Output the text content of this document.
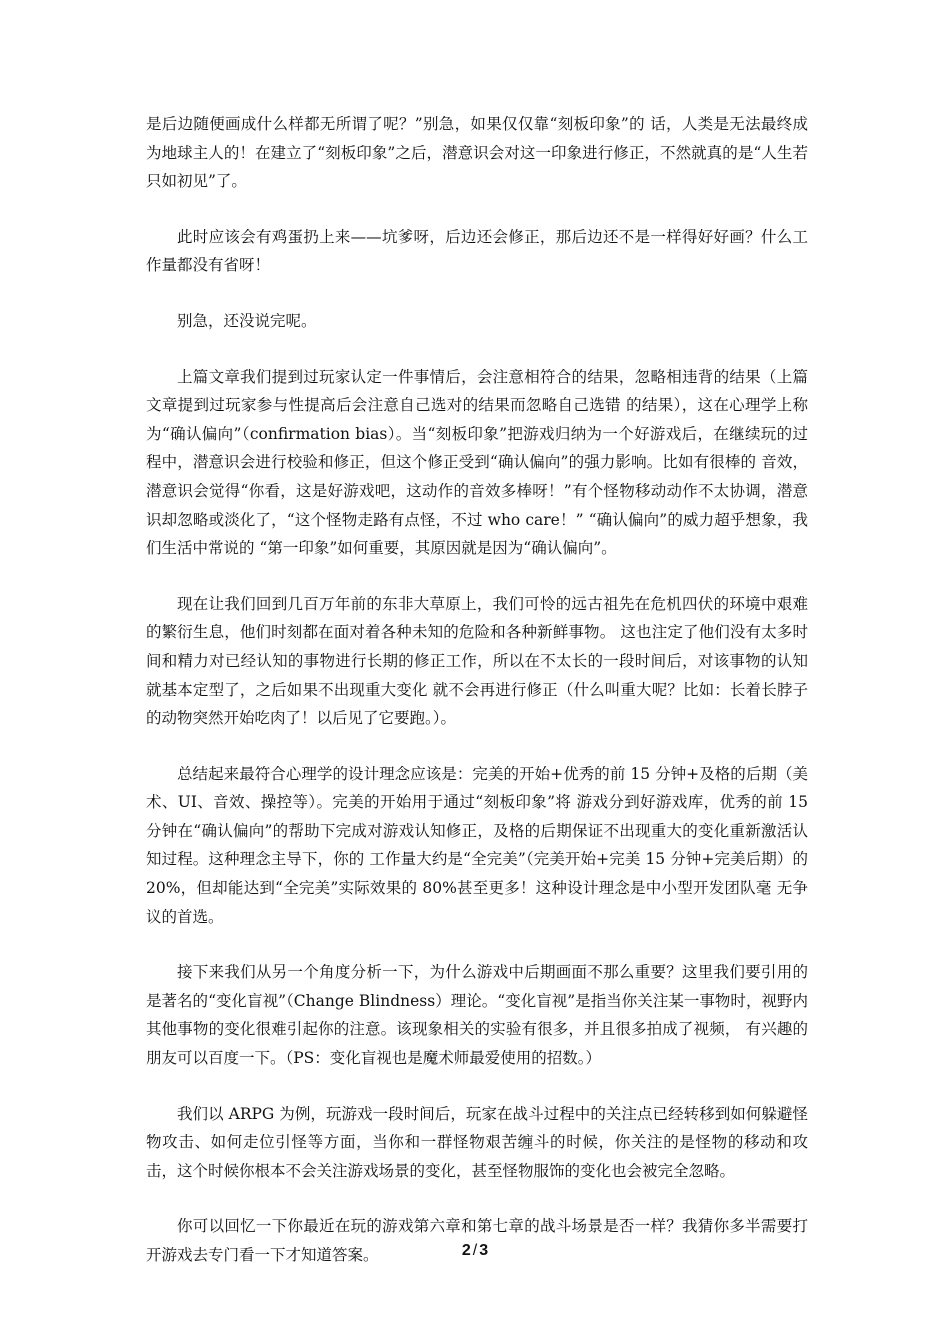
是后边随便画成什么样都无所谓了呢？”别急，如果仅仅靠“刻板印象”的 话，人类是无法最终成为地球主人的！在建立了“刻板印象”之后，潜意识会对这一印象进行修正，不然就真的是“人生若只如初见”了。

此时应该会有鸡蛋扔上来——坑爹呀，后边还会修正，那后边还不是一样得好好画？什么工作量都没有省呀！

别急，还没说完呢。

上篇文章我们提到过玩家认定一件事情后，会注意相符合的结果，忽略相违背的结果（上篇文章提到过玩家参与性提高后会注意自己选对的结果而忽略自己选错 的结果），这在心理学上称为“确认偏向”（confirmation bias）。当“刻板印象”把游戏归纳为一个好游戏后，在继续玩的过程中，潜意识会进行校验和修正，但这个修正受到“确认偏向”的强力影响。比如有很棒的 音效，潜意识会觉得“你看，这是好游戏吧，这动作的音效多棒呀！”有个怪物移动动作不太协调，潜意识却忽略或淡化了，“这个怪物走路有点怪，不过 who care！” “确认偏向”的威力超乎想象，我们生活中常说的 “第一印象”如何重要，其原因就是因为“确认偏向”。

现在让我们回到几百万年前的东非大草原上，我们可怜的远古祖先在危机四伏的环境中艰难的繁衍生息，他们时刻都在面对着各种未知的危险和各种新鲜事物。 这也注定了他们没有太多时间和精力对已经认知的事物进行长期的修正工作，所以在不太长的一段时间后，对该事物的认知就基本定型了，之后如果不出现重大变化 就不会再进行修正（什么叫重大呢？比如：长着长脖子的动物突然开始吃肉了！以后见了它要跑。）。

总结起来最符合心理学的设计理念应该是：完美的开始+优秀的前 15 分钟+及格的后期（美术、UI、音效、操控等）。完美的开始用于通过“刻板印象”将 游戏分到好游戏库，优秀的前 15 分钟在“确认偏向”的帮助下完成对游戏认知修正，及格的后期保证不出现重大的变化重新激活认知过程。这种理念主导下，你的 工作量大约是“全完美”（完美开始+完美 15 分钟+完美后期）的 20%，但却能达到“全完美”实际效果的 80%甚至更多！这种设计理念是中小型开发团队毫 无争议的首选。

接下来我们从另一个角度分析一下，为什么游戏中后期画面不那么重要？这里我们要引用的是著名的“变化盲视”（Change Blindness）理论。“变化盲视”是指当你关注某一事物时，视野内其他事物的变化很难引起你的注意。该现象相关的实验有很多，并且很多拍成了视频， 有兴趣的朋友可以百度一下。（PS：变化盲视也是魔术师最爱使用的招数。）

我们以 ARPG 为例，玩游戏一段时间后，玩家在战斗过程中的关注点已经转移到如何躲避怪物攻击、如何走位引怪等方面，当你和一群怪物艰苦缠斗的时候，你关注的是怪物的移动和攻击，这个时候你根本不会关注游戏场景的变化，甚至怪物服饰的变化也会被完全忽略。

你可以回忆一下你最近在玩的游戏第六章和第七章的战斗场景是否一样？我猜你多半需要打开游戏去专门看一下才知道答案。	2 / 3
